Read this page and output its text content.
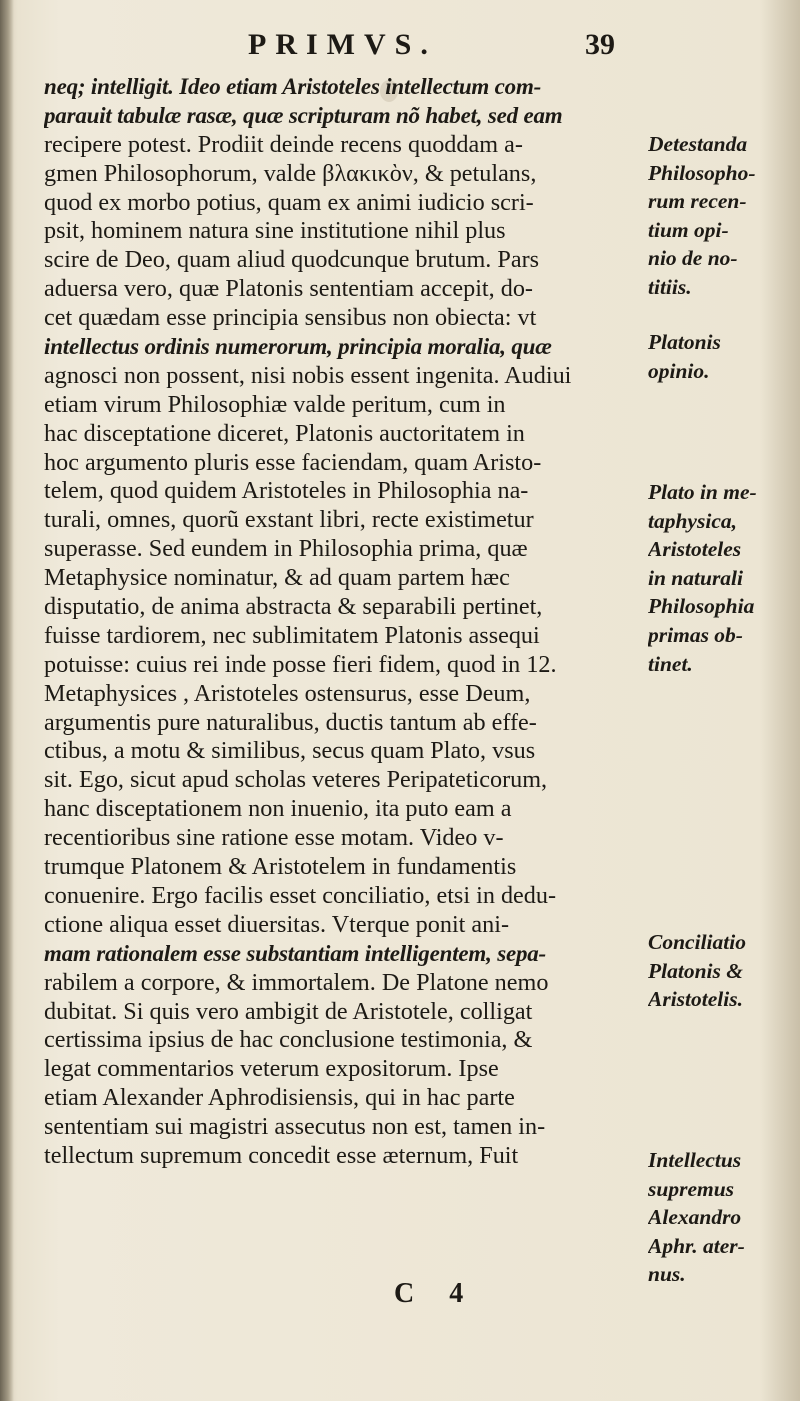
PRIMVS.	39
neq; intelligit. Ideo etiam Aristoteles intellectum com-
parauit tabulæ rasæ, quæ scripturam nõ habet, sed eam
recipere potest. Prodiit deinde recens quoddam a-
gmen Philosophorum, valde βλακικὸν, & petulans,
quod ex morbo potius, quam ex animi iudicio scri-
psit, hominem natura sine institutione nihil plus
scire de Deo, quam aliud quodcunque brutum. Pars
aduersa vero, quæ Platonis sententiam accepit, do-
cet quædam esse principia sensibus non obiecta: vt
intellectus ordinis numerorum, principia moralia, quæ
agnosci non possent, nisi nobis essent ingenita. Audiui
etiam virum Philosophiæ valde peritum, cum in
hac disceptatione diceret, Platonis auctoritatem in
hoc argumento pluris esse faciendam, quam Aristo-
telem, quod quidem Aristoteles in Philosophia na-
turali, omnes, quorũ exstant libri, recte existimetur
superasse. Sed eundem in Philosophia prima, quæ
Metaphysice nominatur, & ad quam partem hæc
disputatio, de anima abstracta & separabili pertinet,
fuisse tardiorem, nec sublimitatem Platonis assequi
potuisse: cuius rei inde posse fieri fidem, quod in 12.
Metaphysices , Aristoteles ostensurus, esse Deum,
argumentis pure naturalibus, ductis tantum ab effe-
ctibus, a motu & similibus, secus quam Plato, vsus
sit. Ego, sicut apud scholas veteres Peripateticorum,
hanc disceptationem non inuenio, ita puto eam a
recentioribus sine ratione esse motam. Video v-
trumque Platonem & Aristotelem in fundamentis
conuenire. Ergo facilis esset conciliatio, etsi in dedu-
ctione aliqua esset diuersitas. Vterque ponit ani-
mam rationalem esse substantiam intelligentem, sepa-
rabilem a corpore, & immortalem. De Platone nemo
dubitat. Si quis vero ambigit de Aristotele, colligat
certissima ipsius de hac conclusione testimonia, &
legat commentarios veterum expositorum. Ipse
etiam Alexander Aphrodisiensis, qui in hac parte
sententiam sui magistri assecutus non est, tamen in-
tellectum supremum concedit esse æternum, Fuit
Detestanda
Philosopho-
rum recen-
tium opi-
nio de no-
titiis.
Platonis
opinio.
Plato in me-
taphysica,
Aristoteles
in naturali
Philosophia
primas ob-
tinet.
Conciliatio
Platonis &
Aristotelis.
Intellectus
supremus
Alexandro
Aphr. ater-
nus.
C 4
